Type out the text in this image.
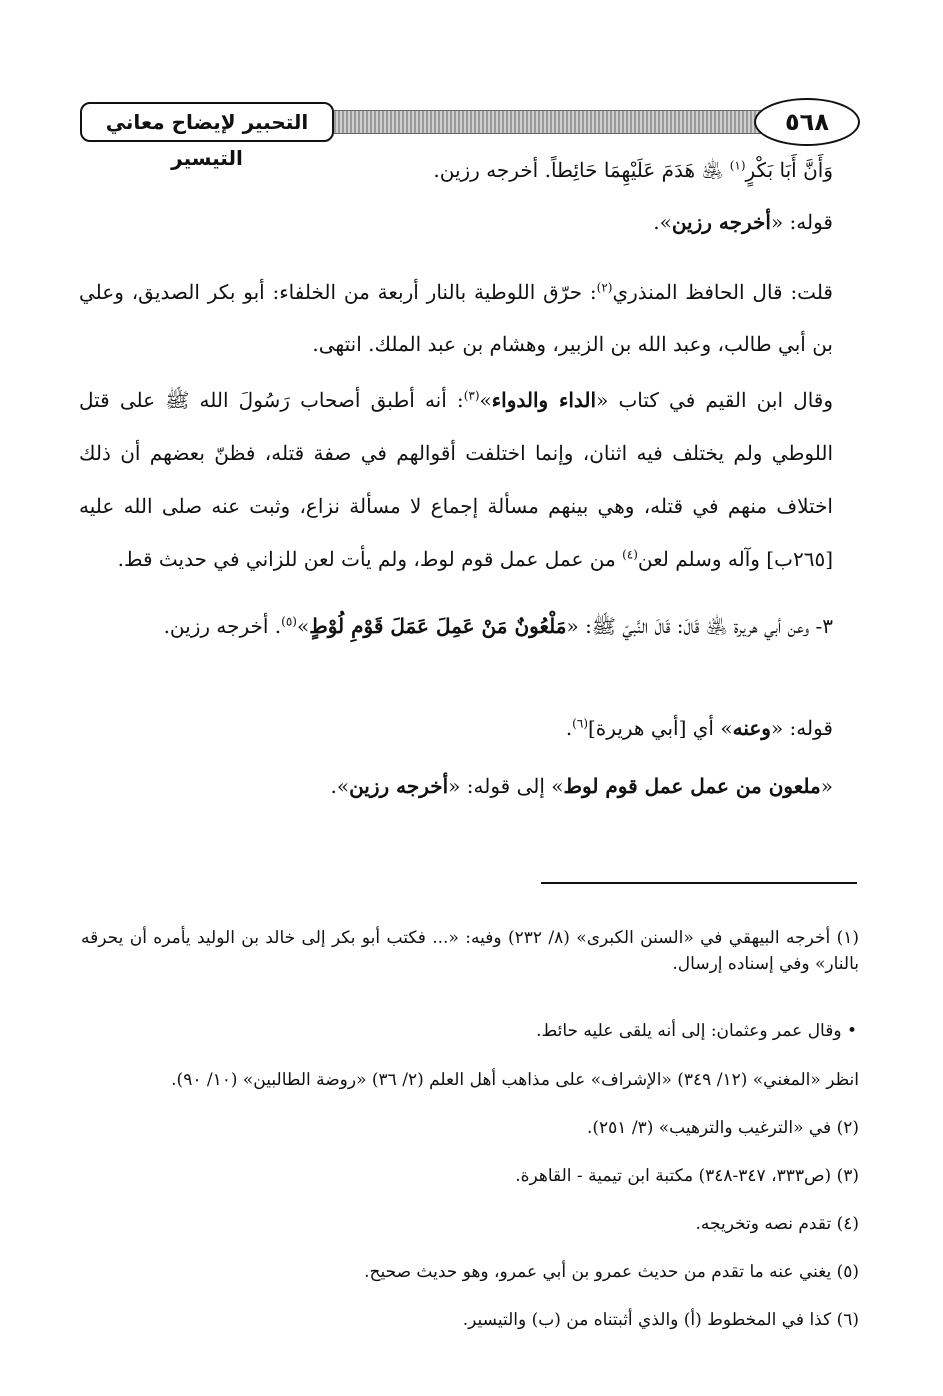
التحبير لإيضاح معاني التيسير
٥٦٨
وَأَنَّ أَبَا بَكْرٍ$^{(١)}$ ﵁ هَدَمَ عَلَيْهِمَا حَائِطاً. أخرجه رزين.
قوله: «أخرجه رزين».
قلت: قال الحافظ المنذري$^{(٢)}$: حرّق اللوطية بالنار أربعة من الخلفاء: أبو بكر الصديق، وعلي بن أبي طالب، وعبد الله بن الزبير، وهشام بن عبد الملك. انتهى.
وقال ابن القيم في كتاب «الداء والدواء»$^{(٣)}$: أنه أطبق أصحاب رَسُولَ الله ﷺ على قتل اللوطي ولم يختلف فيه اثنان، وإنما اختلفت أقوالهم في صفة قتله، فظنّ بعضهم أن ذلك اختلاف منهم في قتله، وهي بينهم مسألة إجماع لا مسألة نزاع، وثبت عنه صلى الله عليه [٢٦٥ب] وآله وسلم لعن$^{(٤)}$ من عمل عمل قوم لوط، ولم يأت لعن للزاني في حديث قط.
٣- وعن أبي هريرة ﵁ قَالَ: قَالَ النَّبيّ ﷺ: «مَلْعُونٌ مَنْ عَمِلَ عَمَلَ قَوْمِ لُوْطٍ»$^{(٥)}$. أخرجه رزين.
قوله: «وعنه» أي [أبي هريرة]$^{(٦)}$.
«ملعون من عمل عمل قوم لوط» إلى قوله: «أخرجه رزين».
(١) أخرجه البيهقي في «السنن الكبرى» (٨/ ٢٣٢) وفيه: «... فكتب أبو بكر إلى خالد بن الوليد يأمره أن يحرقه بالنار» وفي إسناده إرسال.
• وقال عمر وعثمان: إلى أنه يلقى عليه حائط.
انظر «المغني» (١٢/ ٣٤٩) «الإشراف» على مذاهب أهل العلم (٢/ ٣٦) «روضة الطالبين» (١٠/ ٩٠).
(٢) في «الترغيب والترهيب» (٣/ ٢٥١).
(٣) (ص٣٣٣، ٣٤٧-٣٤٨) مكتبة ابن تيمية - القاهرة.
(٤) تقدم نصه وتخريجه.
(٥) يغني عنه ما تقدم من حديث عمرو بن أبي عمرو، وهو حديث صحيح.
(٦) كذا في المخطوط (أ) والذي أثبتناه من (ب) والتيسير.
